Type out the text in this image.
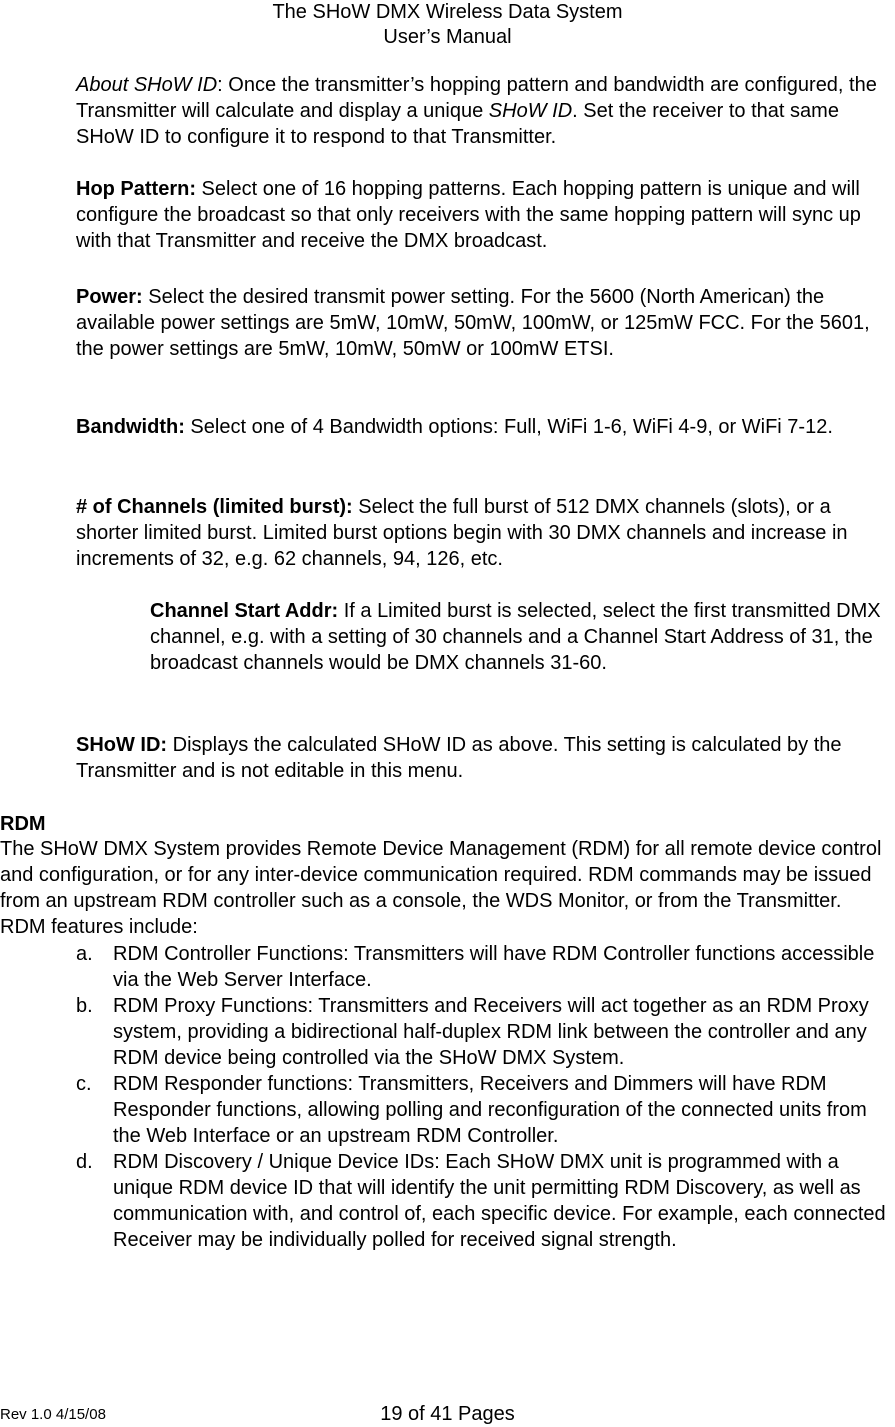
The SHoW DMX Wireless Data System
User’s Manual
About SHoW ID: Once the transmitter’s hopping pattern and bandwidth are configured, the Transmitter will calculate and display a unique SHoW ID. Set the receiver to that same SHoW ID to configure it to respond to that Transmitter.
Hop Pattern: Select one of 16 hopping patterns. Each hopping pattern is unique and will configure the broadcast so that only receivers with the same hopping pattern will sync up with that Transmitter and receive the DMX broadcast.
Power: Select the desired transmit power setting. For the 5600 (North American) the available power settings are 5mW, 10mW, 50mW, 100mW, or 125mW FCC. For the 5601, the power settings are 5mW, 10mW, 50mW or 100mW ETSI.
Bandwidth: Select one of 4 Bandwidth options: Full, WiFi 1-6, WiFi 4-9, or WiFi 7-12.
# of Channels (limited burst): Select the full burst of 512 DMX channels (slots), or a shorter limited burst. Limited burst options begin with 30 DMX channels and increase in increments of 32, e.g. 62 channels, 94, 126, etc.
Channel Start Addr: If a Limited burst is selected, select the first transmitted DMX channel, e.g. with a setting of 30 channels and a Channel Start Address of 31, the broadcast channels would be DMX channels 31-60.
SHoW ID: Displays the calculated SHoW ID as above. This setting is calculated by the Transmitter and is not editable in this menu.
RDM
The SHoW DMX System provides Remote Device Management (RDM) for all remote device control and configuration, or for any inter-device communication required. RDM commands may be issued from an upstream RDM controller such as a console, the WDS Monitor, or from the Transmitter. RDM features include:
a. RDM Controller Functions: Transmitters will have RDM Controller functions accessible via the Web Server Interface.
b. RDM Proxy Functions: Transmitters and Receivers will act together as an RDM Proxy system, providing a bidirectional half-duplex RDM link between the controller and any RDM device being controlled via the SHoW DMX System.
c. RDM Responder functions: Transmitters, Receivers and Dimmers will have RDM Responder functions, allowing polling and reconfiguration of the connected units from the Web Interface or an upstream RDM Controller.
d. RDM Discovery / Unique Device IDs: Each SHoW DMX unit is programmed with a unique RDM device ID that will identify the unit permitting RDM Discovery, as well as communication with, and control of, each specific device. For example, each connected Receiver may be individually polled for received signal strength.
Rev 1.0 4/15/08	19 of 41 Pages
